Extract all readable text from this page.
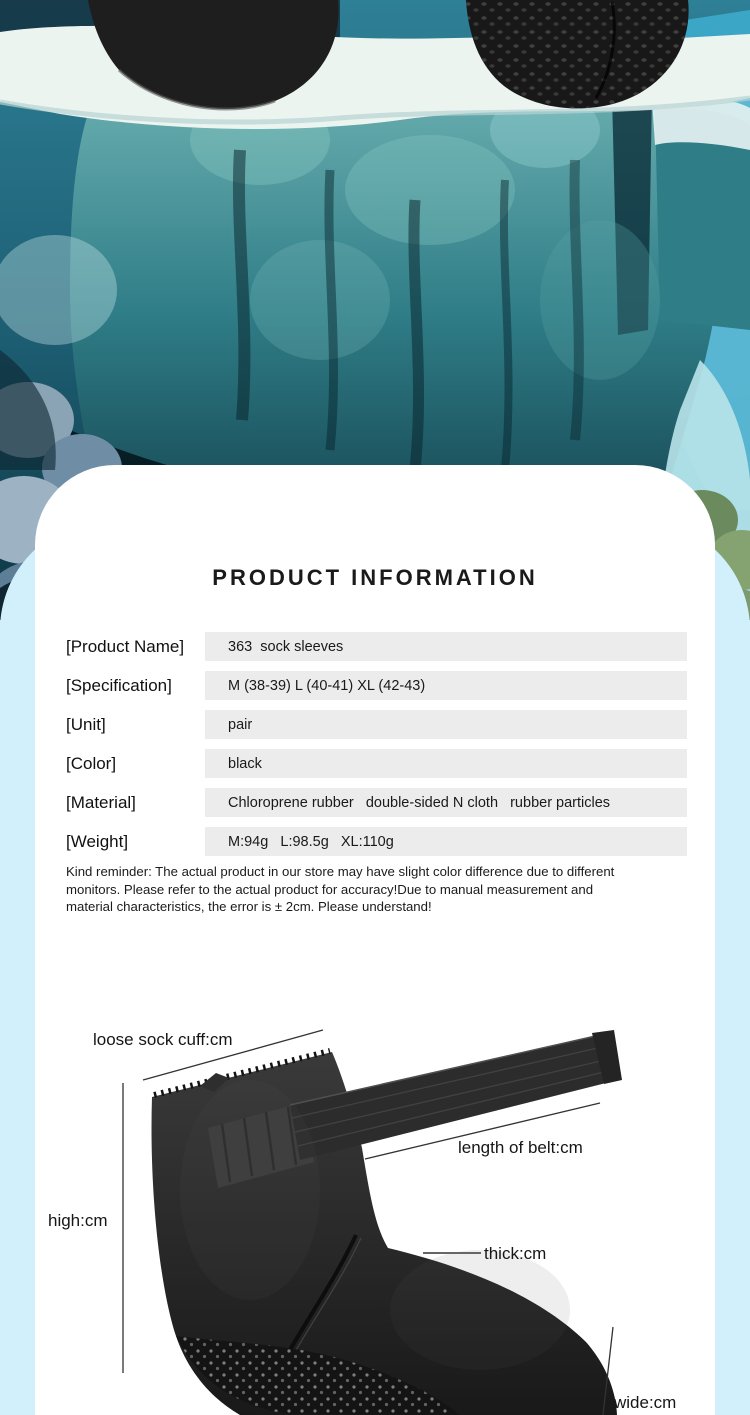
PRODUCT INFORMATION
[Product Name]	363  sock sleeves
[Specification]	M (38-39) L (40-41) XL (42-43)
[Unit]	pair
[Color]	black
[Material]	Chloroprene rubber   double-sided N cloth   rubber particles
[Weight]	M:94g   L:98.5g   XL:110g
Kind reminder: The actual product in our store may have slight color difference due to different
monitors. Please refer to the actual product for accuracy!Due to manual measurement and
material characteristics, the error is ± 2cm. Please understand!
loose sock cuff:cm
length of belt:cm
high:cm
thick:cm
wide:cm
